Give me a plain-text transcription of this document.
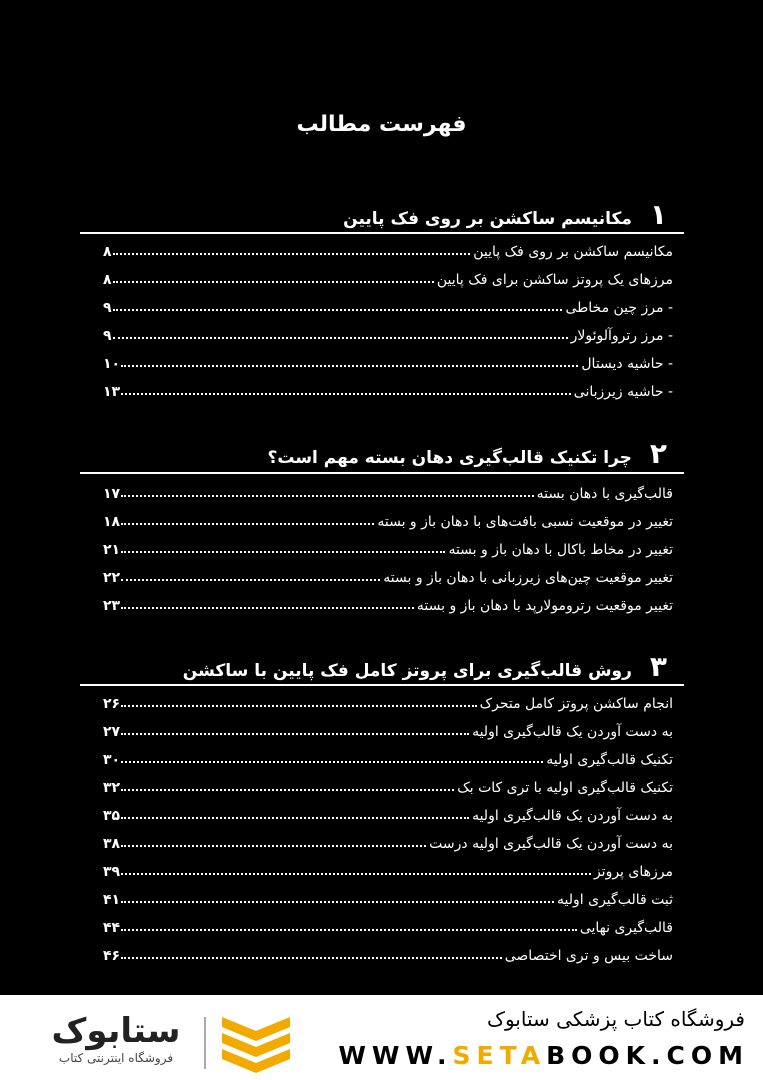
فهرست مطالب
۱
مکانیسم ساکشن بر روی فک پایین
مکانیسم ساکشن بر روی فک پایین
۸
مرزهای یک پروتز ساکشن برای فک پایین
۸
- مرز چین مخاطی
۹
- مرز رتروآلوئولار
۹
- حاشیه دیستال
۱۰
- حاشیه زیرزبانی
۱۳
۲
چرا تکنیک قالب‌گیری دهان بسته مهم است؟
قالب‌گیری با دهان بسته
۱۷
تغییر در موقعیت نسبی بافت‌های با دهان باز و بسته
۱۸
تغییر در مخاط باکال با دهان باز و بسته
۲۱
تغییر موقعیت چین‌های زیرزبانی با دهان باز و بسته
۲۲
تغییر موقعیت رترومولارپد با دهان باز و بسته
۲۳
۳
روش قالب‌گیری برای پروتز کامل فک پایین با ساکشن
انجام ساکشن پروتز کامل متحرک
۲۶
به دست آوردن یک قالب‌گیری اولیه
۲۷
تکنیک قالب‌گیری اولیه
۳۰
تکنیک قالب‌گیری اولیه با تری کات بک
۳۲
به دست آوردن یک قالب‌گیری اولیه
۳۵
به دست آوردن یک قالب‌گیری اولیه درست
۳۸
مرزهای پروتز
۳۹
ثبت قالب‌گیری اولیه
۴۱
قالب‌گیری نهایی
۴۴
ساخت بیس و تری اختصاصی
۴۶
ستابوک
فروشگاه اینترنتی کتاب
فروشگاه کتاب پزشکی ستابوک
WWW.SETABOOK.COM
